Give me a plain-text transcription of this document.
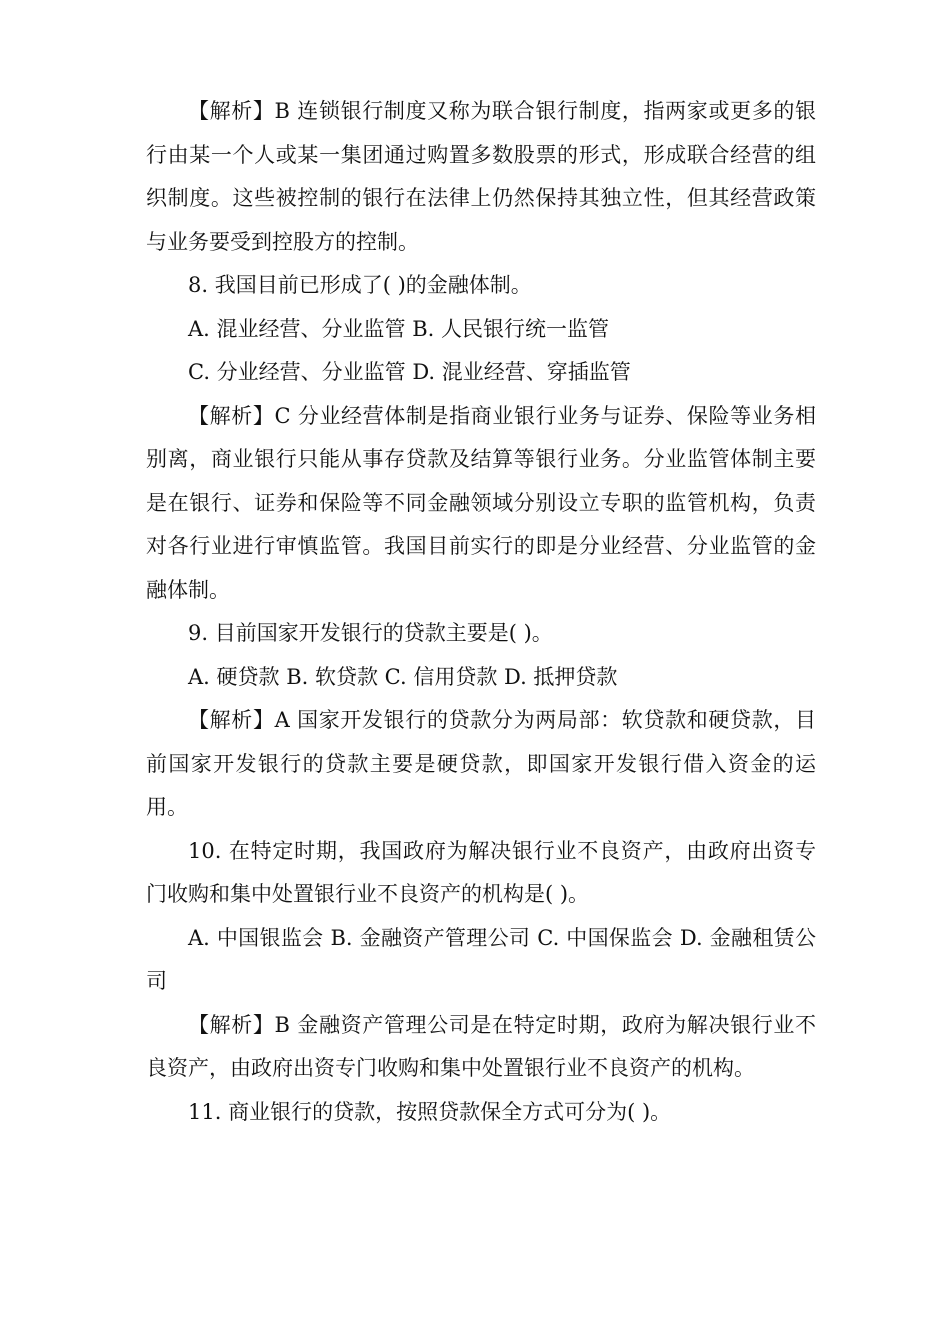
【解析】B 连锁银行制度又称为联合银行制度，指两家或更多的银行由某一个人或某一集团通过购置多数股票的形式，形成联合经营的组织制度。这些被控制的银行在法律上仍然保持其独立性，但其经营政策与业务要受到控股方的控制。

8. 我国目前已形成了( )的金融体制。

A. 混业经营、分业监管 B. 人民银行统一监管

C. 分业经营、分业监管 D. 混业经营、穿插监管

【解析】C 分业经营体制是指商业银行业务与证券、保险等业务相别离，商业银行只能从事存贷款及结算等银行业务。分业监管体制主要是在银行、证券和保险等不同金融领域分别设立专职的监管机构，负责对各行业进行审慎监管。我国目前实行的即是分业经营、分业监管的金融体制。

9. 目前国家开发银行的贷款主要是( )。

A. 硬贷款 B. 软贷款 C. 信用贷款 D. 抵押贷款

【解析】A 国家开发银行的贷款分为两局部：软贷款和硬贷款，目前国家开发银行的贷款主要是硬贷款，即国家开发银行借入资金的运用。

10. 在特定时期，我国政府为解决银行业不良资产，由政府出资专门收购和集中处置银行业不良资产的机构是( )。

A. 中国银监会 B. 金融资产管理公司 C. 中国保监会 D. 金融租赁公司

【解析】B 金融资产管理公司是在特定时期，政府为解决银行业不良资产，由政府出资专门收购和集中处置银行业不良资产的机构。

11. 商业银行的贷款，按照贷款保全方式可分为( )。
